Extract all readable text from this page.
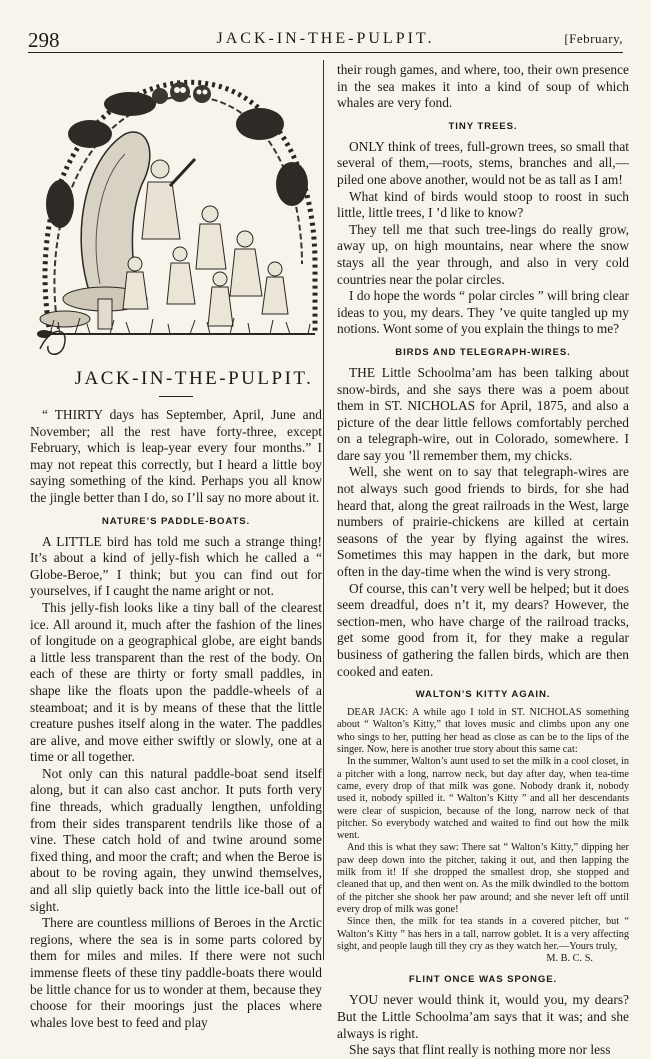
298	JACK-IN-THE-PULPIT.	[February,
JACK-IN-THE-PULPIT.

“ THIRTY days has September, April, June and November; all the rest have forty-three, except February, which is leap-year every four months.” I may not repeat this correctly, but I heard a little boy saying something of the kind. Perhaps you all know the jingle better than I do, so I’ll say no more about it.

NATURE’S PADDLE-BOATS.

A LITTLE bird has told me such a strange thing! It’s about a kind of jelly-fish which he called a “ Globe-Beroe,” I think; but you can find out for yourselves, if I caught the name aright or not.

This jelly-fish looks like a tiny ball of the clearest ice. All around it, much after the fashion of the lines of longitude on a geographical globe, are eight bands a little less transparent than the rest of the body. On each of these are thirty or forty small paddles, in shape like the floats upon the paddle-wheels of a steamboat; and it is by means of these that the little creature pushes itself along in the water. The paddles are alive, and move either swiftly or slowly, one at a time or all together.

Not only can this natural paddle-boat send itself along, but it can also cast anchor. It puts forth very fine threads, which gradually lengthen, unfolding from their sides transparent tendrils like those of a vine. These catch hold of and twine around some fixed thing, and moor the craft; and when the Beroe is about to be roving again, they unwind themselves, and all slip quietly back into the little ice-ball out of sight.

There are countless millions of Beroes in the Arctic regions, where the sea is in some parts colored by them for miles and miles. If there were not such immense fleets of these tiny paddle-boats there would be little chance for us to wonder at them, because they choose for their moorings just the places where whales love best to feed and play

their rough games, and where, too, their own presence in the sea makes it into a kind of soup of which whales are very fond.

TINY TREES.

ONLY think of trees, full-grown trees, so small that several of them,—roots, stems, branches and all,—piled one above another, would not be as tall as I am!

What kind of birds would stoop to roost in such little, little trees, I ’d like to know?

They tell me that such tree-lings do really grow, away up, on high mountains, near where the snow stays all the year through, and also in very cold countries near the polar circles.

I do hope the words “ polar circles ” will bring clear ideas to you, my dears. They ’ve quite tangled up my notions. Wont some of you explain the things to me?

BIRDS AND TELEGRAPH-WIRES.

THE Little Schoolma’am has been talking about snow-birds, and she says there was a poem about them in ST. NICHOLAS for April, 1875, and also a picture of the dear little fellows comfortably perched on a telegraph-wire, out in Colorado, somewhere. I dare say you ’ll remember them, my chicks.

Well, she went on to say that telegraph-wires are not always such good friends to birds, for she had heard that, along the great railroads in the West, large numbers of prairie-chickens are killed at certain seasons of the year by flying against the wires. Sometimes this may happen in the dark, but more often in the day-time when the wind is very strong.

Of course, this can’t very well be helped; but it does seem dreadful, does n’t it, my dears? However, the section-men, who have charge of the railroad tracks, get some good from it, for they make a regular business of gathering the fallen birds, which are then cooked and eaten.

WALTON’S KITTY AGAIN.

DEAR JACK: A while ago I told in ST. NICHOLAS something about “ Walton’s Kitty,” that loves music and climbs upon any one who sings to her, putting her head as close as can be to the lips of the singer. Now, here is another true story about this same cat:

In the summer, Walton’s aunt used to set the milk in a cool closet, in a pitcher with a long, narrow neck, but day after day, when tea-time came, every drop of that milk was gone. Nobody drank it, nobody used it, nobody spilled it. “ Walton’s Kitty ” and all her descendants were clear of suspicion, because of the long, narrow neck of that pitcher. So everybody watched and waited to find out how the milk went.

And this is what they saw: There sat “ Walton’s Kitty,” dipping her paw deep down into the pitcher, taking it out, and then lapping the milk from it! If she dropped the smallest drop, she stopped and cleaned that up, and then went on. As the milk dwindled to the bottom of the pitcher she shook her paw around; and she never left off until every drop of milk was gone!

Since then, the milk for tea stands in a covered pitcher, but “ Walton’s Kitty ” has hers in a tall, narrow goblet. It is a very affecting sight, and people laugh till they cry as they watch her.—Yours truly,

M. B. C. S.
FLINT ONCE WAS SPONGE.

YOU never would think it, would you, my dears? But the Little Schoolma’am says that it was; and she always is right.

She says that flint really is nothing more nor less
